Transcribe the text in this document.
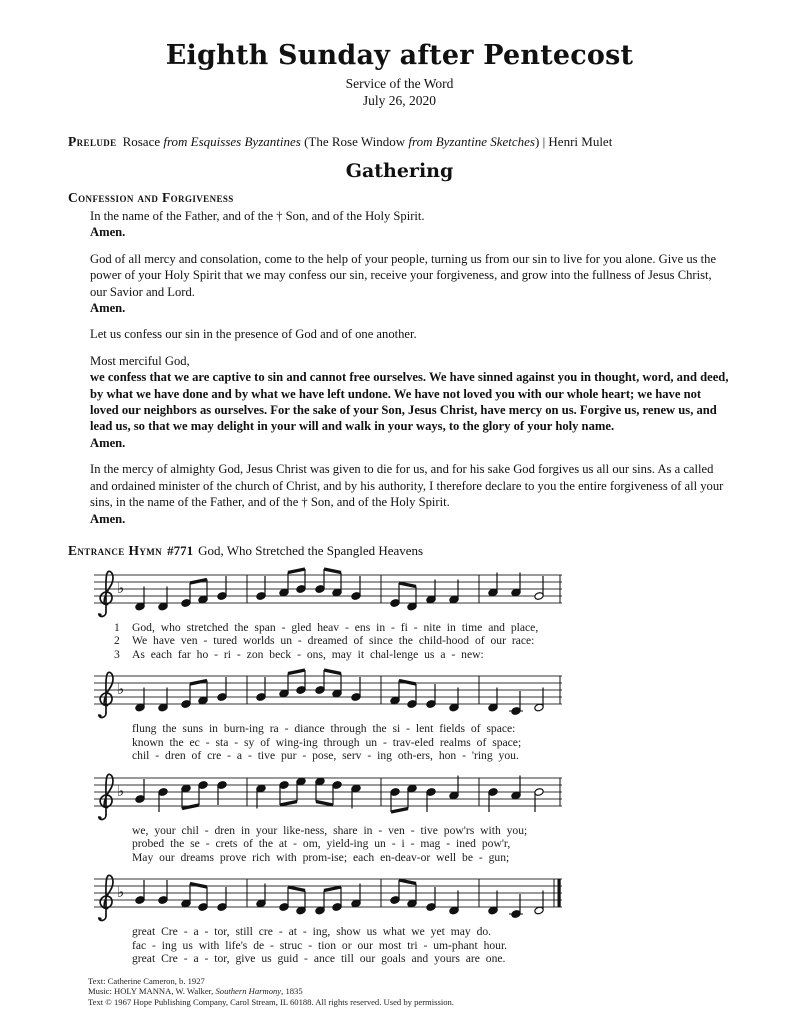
Eighth Sunday after Pentecost
Service of the Word
July 26, 2020
Prelude Rosace from Esquisses Byzantines (The Rose Window from Byzantine Sketches) | Henri Mulet
Gathering
Confession and Forgiveness
In the name of the Father, and of the † Son, and of the Holy Spirit.
Amen.
God of all mercy and consolation, come to the help of your people, turning us from our sin to live for you alone. Give us the power of your Holy Spirit that we may confess our sin, receive your forgiveness, and grow into the fullness of Jesus Christ, our Savior and Lord.
Amen.
Let us confess our sin in the presence of God and of one another.
Most merciful God,
we confess that we are captive to sin and cannot free ourselves. We have sinned against you in thought, word, and deed, by what we have done and by what we have left undone. We have not loved you with our whole heart; we have not loved our neighbors as ourselves. For the sake of your Son, Jesus Christ, have mercy on us. Forgive us, renew us, and lead us, so that we may delight in your will and walk in your ways, to the glory of your holy name.
Amen.
In the mercy of almighty God, Jesus Christ was given to die for us, and for his sake God forgives us all our sins. As a called and ordained minister of the church of Christ, and by his authority, I therefore declare to you the entire forgiveness of all your sins, in the name of the Father, and of the † Son, and of the Holy Spirit.
Amen.
Entrance Hymn #771 God, Who Stretched the Spangled Heavens
♭
1 God, who stretched the span - gled heav - ens in - fi - nite in time and place,
2 We have ven - tured worlds un - dreamed of since the child-hood of our race:
3 As each far ho - ri - zon beck - ons, may it chal-lenge us a - new:
♭
flung the suns in burn-ing ra - diance through the si - lent fields of space:
known the ec - sta - sy of wing-ing through un - trav-eled realms of space;
chil - dren of cre - a - tive pur - pose, serv - ing oth-ers, hon - 'ring you.
♭
we, your chil - dren in your like-ness, share in - ven - tive pow'rs with you;
probed the se - crets of the at - om, yield-ing un - i - mag - ined pow'r,
May our dreams prove rich with prom-ise; each en-deav-or well be - gun;
♭
great Cre - a - tor, still cre - at - ing, show us what we yet may do.
fac - ing us with life's de - struc - tion or our most tri - um-phant hour.
great Cre - a - tor, give us guid - ance till our goals and yours are one.
Text: Catherine Cameron, b. 1927
Music: HOLY MANNA, W. Walker, Southern Harmony, 1835
Text © 1967 Hope Publishing Company, Carol Stream, IL 60188. All rights reserved. Used by permission.
